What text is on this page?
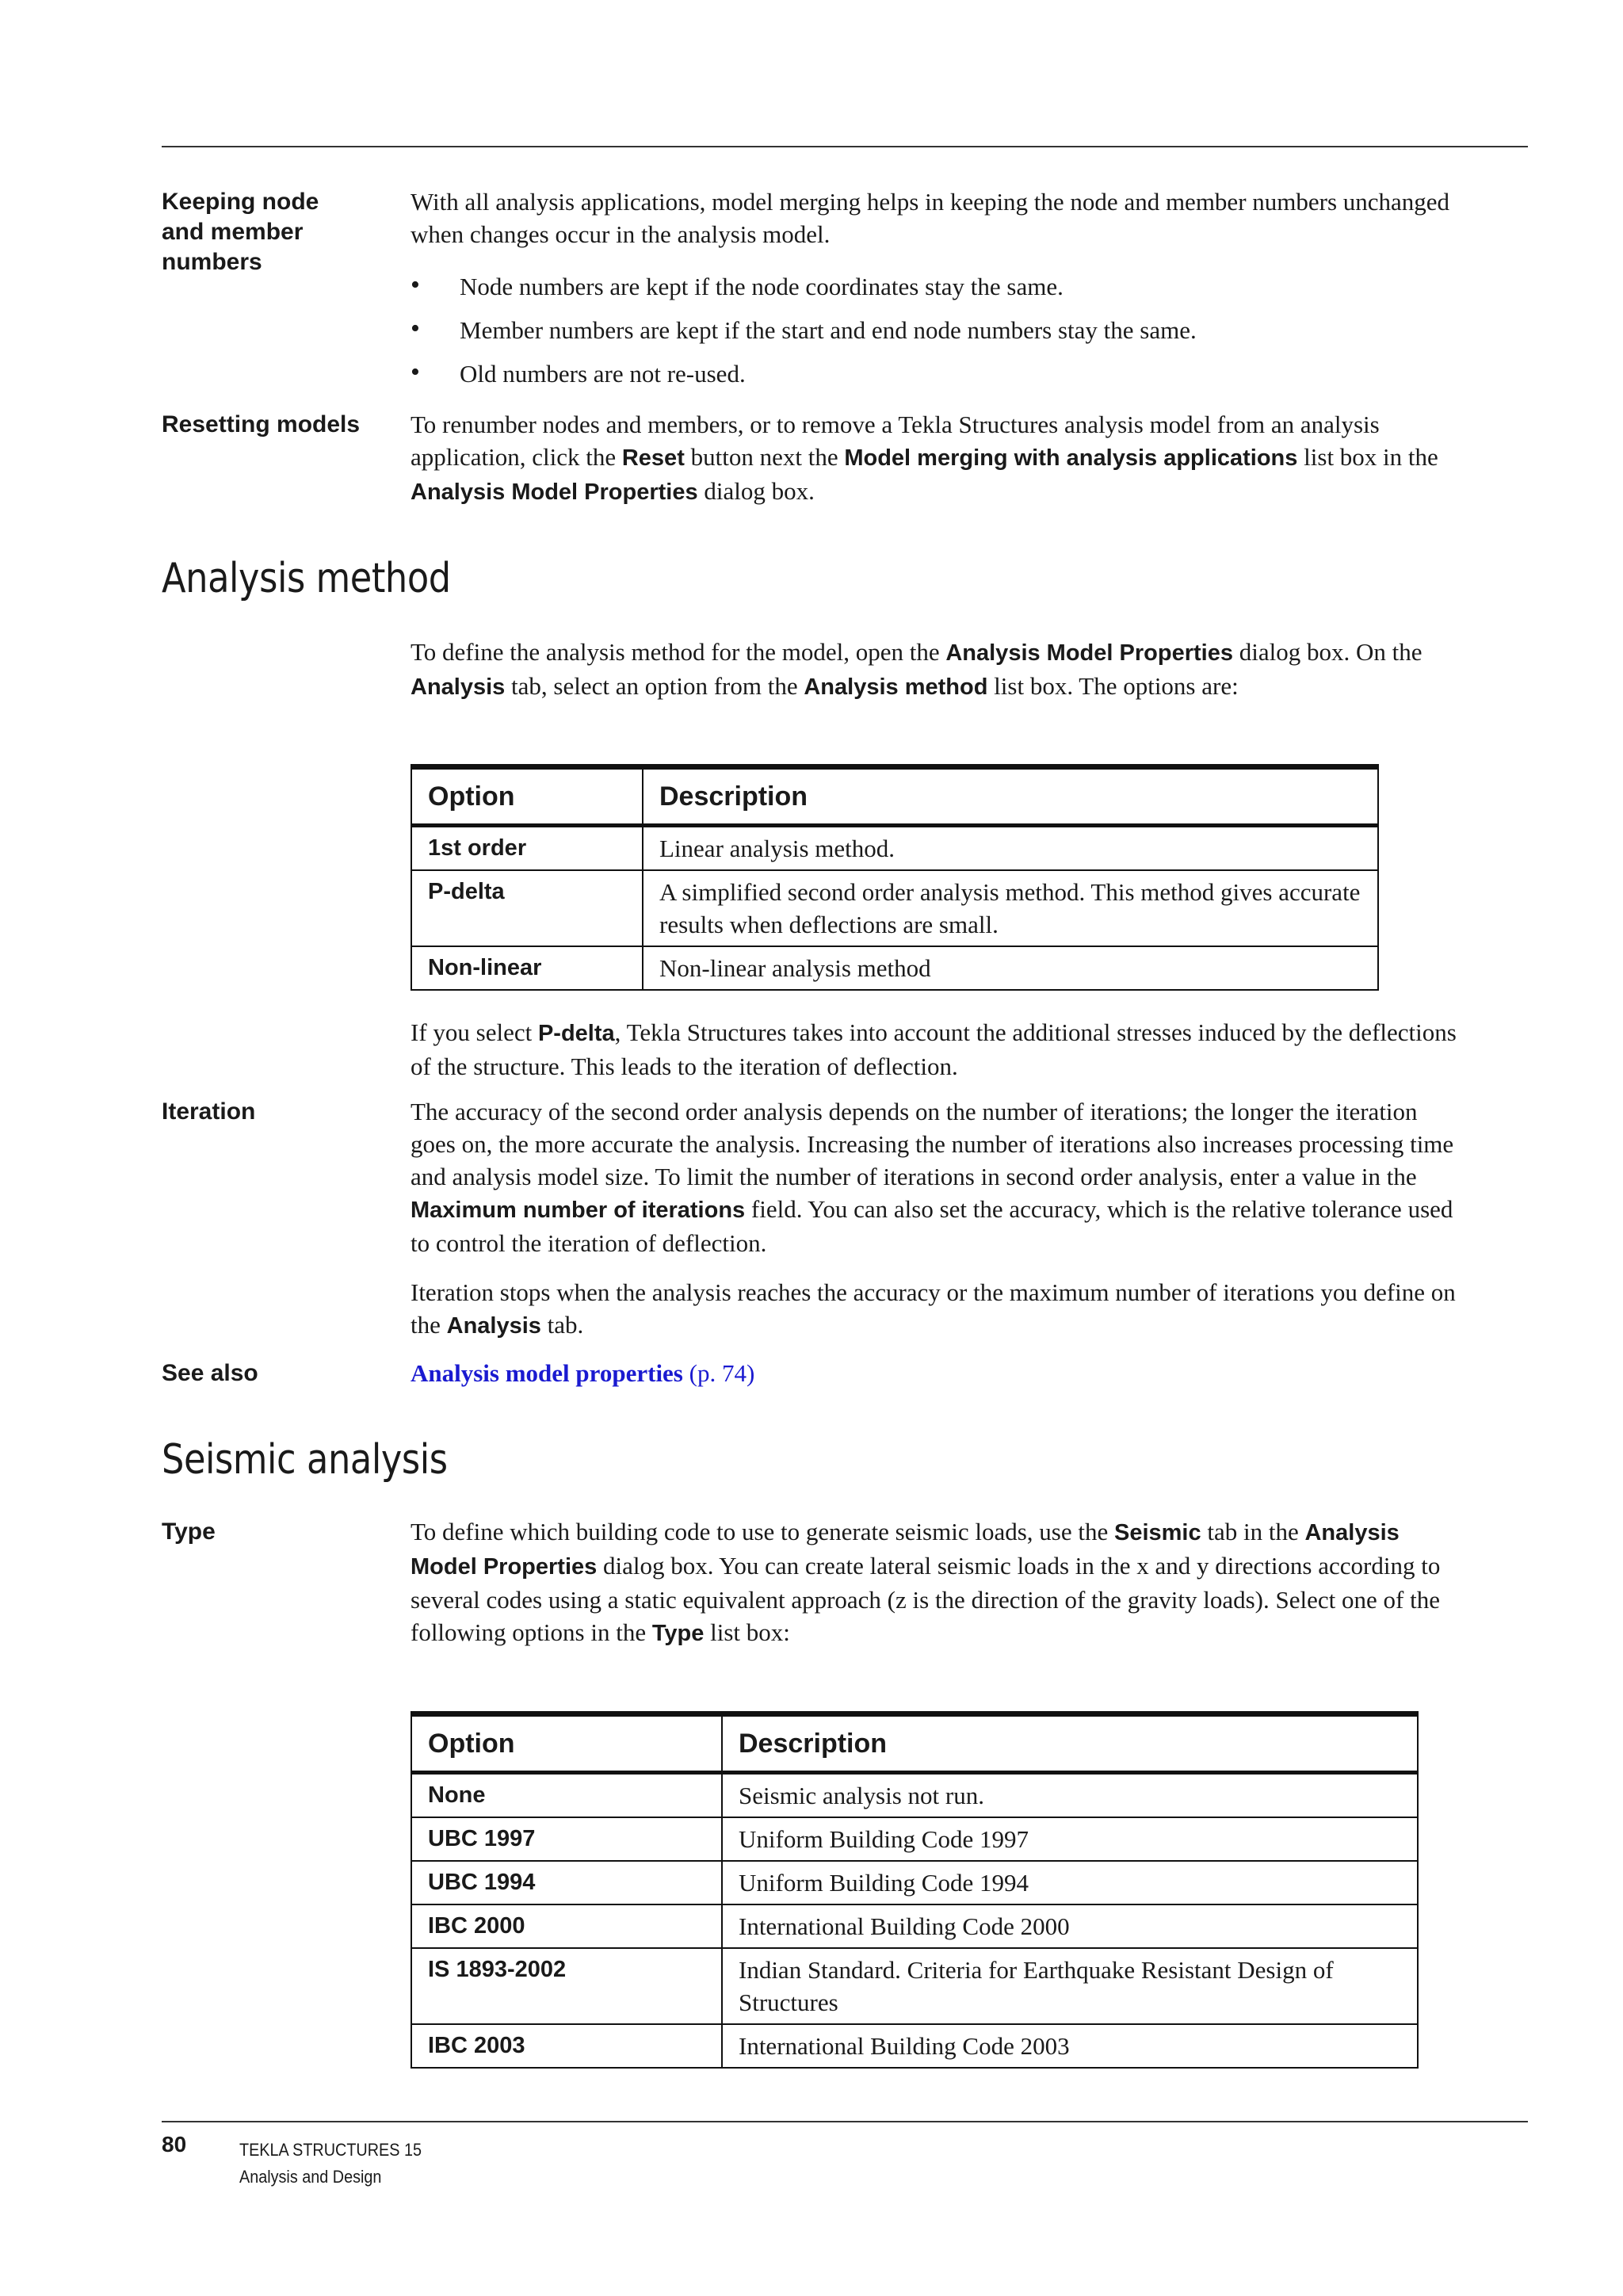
Keeping node and member numbers
With all analysis applications, model merging helps in keeping the node and member numbers unchanged when changes occur in the analysis model.
• Node numbers are kept if the node coordinates stay the same.
• Member numbers are kept if the start and end node numbers stay the same.
• Old numbers are not re-used.
Resetting models	To renumber nodes and members, or to remove a Tekla Structures analysis model from an analysis application, click the Reset button next the Model merging with analysis applications list box in the Analysis Model Properties dialog box.
Analysis method
To define the analysis method for the model, open the Analysis Model Properties dialog box. On the Analysis tab, select an option from the Analysis method list box. The options are:
Option	Description
1st order	Linear analysis method.
P-delta	A simplified second order analysis method. This method gives accurate results when deflections are small.
Non-linear	Non-linear analysis method
If you select P-delta, Tekla Structures takes into account the additional stresses induced by the deflections of the structure. This leads to the iteration of deflection.
Iteration	The accuracy of the second order analysis depends on the number of iterations; the longer the iteration goes on, the more accurate the analysis. Increasing the number of iterations also increases processing time and analysis model size. To limit the number of iterations in second order analysis, enter a value in the Maximum number of iterations field. You can also set the accuracy, which is the relative tolerance used to control the iteration of deflection.
Iteration stops when the analysis reaches the accuracy or the maximum number of iterations you define on the Analysis tab.
See also	Analysis model properties (p. 74)
Seismic analysis
Type	To define which building code to use to generate seismic loads, use the Seismic tab in the Analysis Model Properties dialog box. You can create lateral seismic loads in the x and y directions according to several codes using a static equivalent approach (z is the direction of the gravity loads). Select one of the following options in the Type list box:
Option	Description
None	Seismic analysis not run.
UBC 1997	Uniform Building Code 1997
UBC 1994	Uniform Building Code 1994
IBC 2000	International Building Code 2000
IS 1893-2002	Indian Standard. Criteria for Earthquake Resistant Design of Structures
IBC 2003	International Building Code 2003
80	TEKLA STRUCTURES 15
Analysis and Design
